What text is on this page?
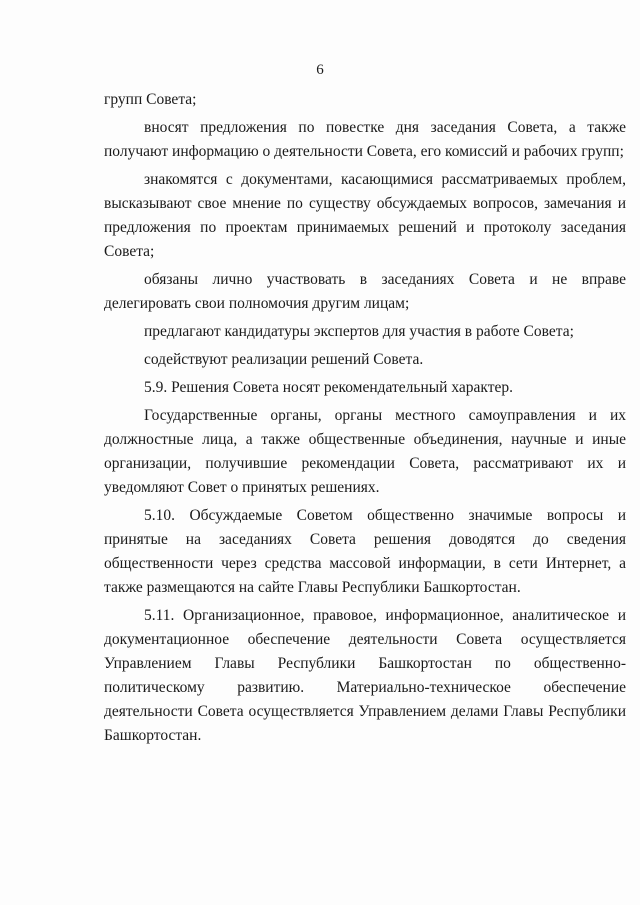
6

групп Совета;

вносят предложения по повестке дня заседания Совета, а также получают информацию о деятельности Совета, его комиссий и рабочих групп;

знакомятся с документами, касающимися рассматриваемых проблем, высказывают свое мнение по существу обсуждаемых вопросов, замечания и предложения по проектам принимаемых решений и протоколу заседания Совета;

обязаны лично участвовать в заседаниях Совета и не вправе делегировать свои полномочия другим лицам;

предлагают кандидатуры экспертов для участия в работе Совета;

содействуют реализации решений Совета.

5.9. Решения Совета носят рекомендательный характер.

Государственные органы, органы местного самоуправления и их должностные лица, а также общественные объединения, научные и иные организации, получившие рекомендации Совета, рассматривают их и уведомляют Совет о принятых решениях.

5.10. Обсуждаемые Советом общественно значимые вопросы и принятые на заседаниях Совета решения доводятся до сведения общественности через средства массовой информации, в сети Интернет, а также размещаются на сайте Главы Республики Башкортостан.

5.11. Организационное, правовое, информационное, аналитическое и документационное обеспечение деятельности Совета осуществляется Управлением Главы Республики Башкортостан по общественно-политическому развитию. Материально-техническое обеспечение деятельности Совета осуществляется Управлением делами Главы Республики Башкортостан.
